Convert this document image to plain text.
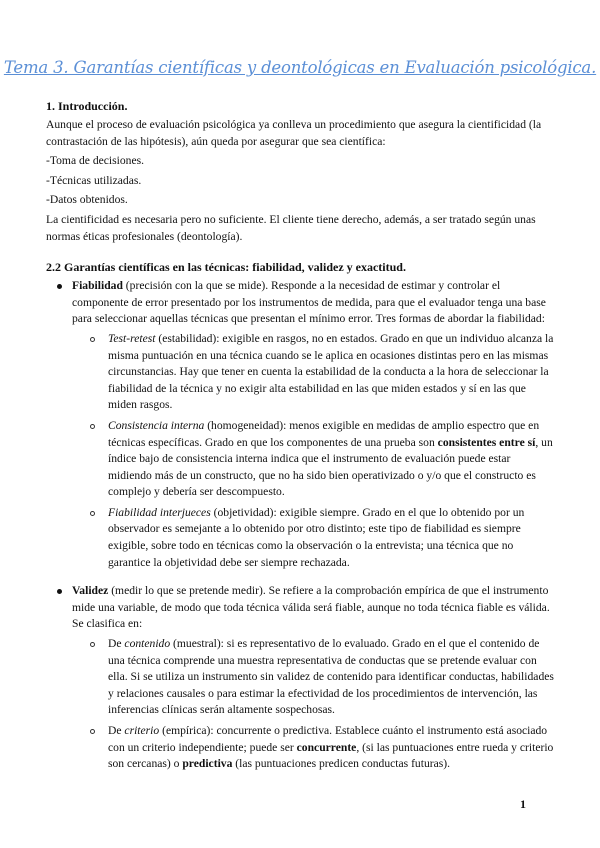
Tema 3. Garantías científicas y deontológicas en Evaluación psicológica.
1. Introducción.

Aunque el proceso de evaluación psicológica ya conlleva un procedimiento que asegura la cientificidad (la contrastación de las hipótesis), aún queda por asegurar que sea científica:

-Toma de decisiones.

-Técnicas utilizadas.

-Datos obtenidos.

La cientificidad es necesaria pero no suficiente. El cliente tiene derecho, además, a ser tratado según unas normas éticas profesionales (deontología).

2.2 Garantías científicas en las técnicas: fiabilidad, validez y exactitud.
Fiabilidad (precisión con la que se mide). Responde a la necesidad de estimar y controlar el componente de error presentado por los instrumentos de medida, para que el evaluador tenga una base para seleccionar aquellas técnicas que presentan el mínimo error. Tres formas de abordar la fiabilidad:
Test-retest (estabilidad): exigible en rasgos, no en estados. Grado en que un individuo alcanza la misma puntuación en una técnica cuando se le aplica en ocasiones distintas pero en las mismas circunstancias. Hay que tener en cuenta la estabilidad de la conducta a la hora de seleccionar la fiabilidad de la técnica y no exigir alta estabilidad en las que miden estados y sí en las que miden rasgos.
Consistencia interna (homogeneidad): menos exigible en medidas de amplio espectro que en técnicas específicas. Grado en que los componentes de una prueba son consistentes entre sí, un índice bajo de consistencia interna indica que el instrumento de evaluación puede estar midiendo más de un constructo, que no ha sido bien operativizado o y/o que el constructo es complejo y debería ser descompuesto.
Fiabilidad interjueces (objetividad): exigible siempre. Grado en el que lo obtenido por un observador es semejante a lo obtenido por otro distinto; este tipo de fiabilidad es siempre exigible, sobre todo en técnicas como la observación o la entrevista; una técnica que no garantice la objetividad debe ser siempre rechazada.
Validez (medir lo que se pretende medir). Se refiere a la comprobación empírica de que el instrumento mide una variable, de modo que toda técnica válida será fiable, aunque no toda técnica fiable es válida. Se clasifica en:
De contenido (muestral): si es representativo de lo evaluado. Grado en el que el contenido de una técnica comprende una muestra representativa de conductas que se pretende evaluar con ella. Si se utiliza un instrumento sin validez de contenido para identificar conductas, habilidades y relaciones causales o para estimar la efectividad de los procedimientos de intervención, las inferencias clínicas serán altamente sospechosas.
De criterio (empírica): concurrente o predictiva. Establece cuánto el instrumento está asociado con un criterio independiente; puede ser concurrente, (si las puntuaciones entre rueda y criterio son cercanas) o predictiva (las puntuaciones predicen conductas futuras).
1
